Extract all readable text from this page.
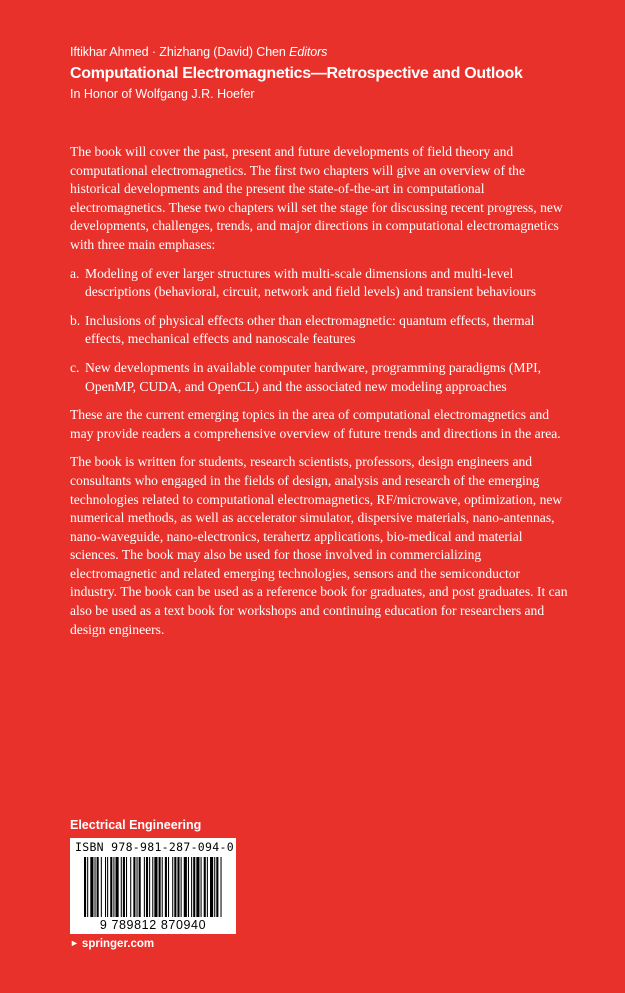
Iftikhar Ahmed · Zhizhang (David) Chen Editors
Computational Electromagnetics—Retrospective and Outlook
In Honor of Wolfgang J.R. Hoefer

The book will cover the past, present and future developments of field theory and computational electromagnetics. The first two chapters will give an overview of the historical developments and the present the state-of-the-art in computational electromagnetics. These two chapters will set the stage for discussing recent progress, new developments, challenges, trends, and major directions in computational electromagnetics with three main emphases:

a. Modeling of ever larger structures with multi-scale dimensions and multi-level descriptions (behavioral, circuit, network and field levels) and transient behaviours
b. Inclusions of physical effects other than electromagnetic: quantum effects, thermal effects, mechanical effects and nanoscale features
c. New developments in available computer hardware, programming paradigms (MPI, OpenMP, CUDA, and OpenCL) and the associated new modeling approaches

These are the current emerging topics in the area of computational electromagnetics and may provide readers a comprehensive overview of future trends and directions in the area.

The book is written for students, research scientists, professors, design engineers and consultants who engaged in the fields of design, analysis and research of the emerging technologies related to computational electromagnetics, RF/microwave, optimization, new numerical methods, as well as accelerator simulator, dispersive materials, nano-antennas, nano-waveguide, nano-electronics, terahertz applications, bio-medical and material sciences. The book may also be used for those involved in commercializing electromagnetic and related emerging technologies, sensors and the semiconductor industry. The book can be used as a reference book for graduates, and post graduates. It can also be used as a text book for workshops and continuing education for researchers and design engineers.

Electrical Engineering
ISBN 978-981-287-094-0
9 789812 870940
► springer.com
